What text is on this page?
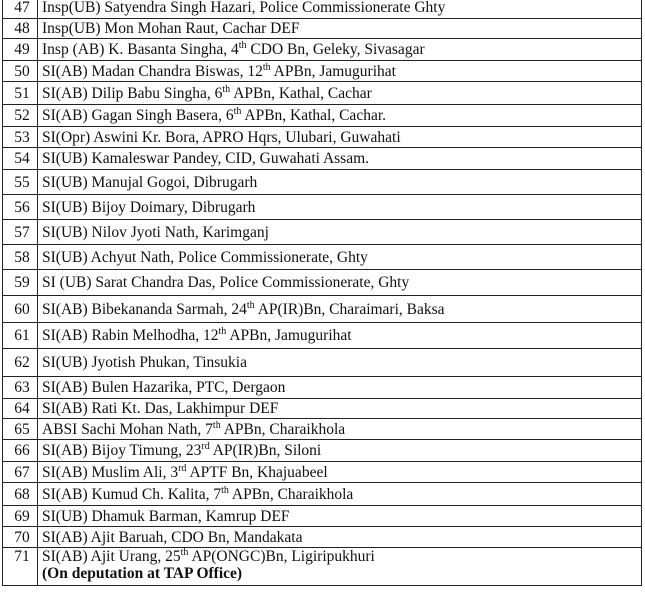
47	Insp(UB) Satyendra Singh Hazari, Police Commissionerate Ghty
48	Insp(UB) Mon Mohan Raut, Cachar DEF
49	Insp (AB) K. Basanta Singha, 4th CDO Bn, Geleky, Sivasagar
50	SI(AB) Madan Chandra Biswas, 12th APBn, Jamugurihat
51	SI(AB) Dilip Babu Singha, 6th APBn, Kathal, Cachar
52	SI(AB) Gagan Singh Basera, 6th APBn, Kathal, Cachar.
53	SI(Opr) Aswini Kr. Bora, APRO Hqrs, Ulubari, Guwahati
54	SI(UB) Kamaleswar Pandey, CID, Guwahati Assam.
55	SI(UB) Manujal Gogoi, Dibrugarh
56	SI(UB) Bijoy Doimary, Dibrugarh
57	SI(UB) Nilov Jyoti Nath, Karimganj
58	SI(UB) Achyut Nath, Police Commissionerate, Ghty
59	SI (UB) Sarat Chandra Das, Police Commissionerate, Ghty
60	SI(AB) Bibekananda Sarmah, 24th AP(IR)Bn, Charaimari, Baksa
61	SI(AB) Rabin Melhodha, 12th APBn, Jamugurihat
62	SI(UB) Jyotish Phukan, Tinsukia
63	SI(AB) Bulen Hazarika, PTC, Dergaon
64	SI(AB) Rati Kt. Das, Lakhimpur DEF
65	ABSI Sachi Mohan Nath, 7th APBn, Charaikhola
66	SI(AB) Bijoy Timung, 23rd AP(IR)Bn, Siloni
67	SI(AB) Muslim Ali, 3rd APTF Bn, Khajuabeel
68	SI(AB) Kumud Ch. Kalita, 7th APBn, Charaikhola
69	SI(UB) Dhamuk Barman, Kamrup DEF
70	SI(AB) Ajit Baruah, CDO Bn, Mandakata
71	SI(AB) Ajit Urang, 25th AP(ONGC)Bn, Ligiripukhuri
(On deputation at TAP Office)
